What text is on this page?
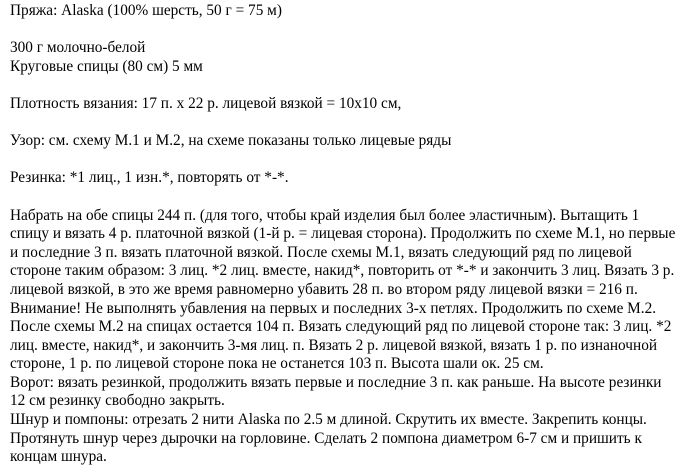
Пряжа: Alaska (100% шерсть, 50 г = 75 м)
300 г молочно-белой
Круговые спицы (80 см) 5 мм
Плотность вязания: 17 п. х 22 р. лицевой вязкой = 10х10 см,
Узор: см. схему М.1 и М.2, на схеме показаны только лицевые ряды
Резинка: *1 лиц., 1 изн.*, повторять от *-*.
Набрать на обе спицы 244 п. (для того, чтобы край изделия был более эластичным). Вытащить 1
спицу и вязать 4 р. платочной вязкой (1-й р. = лицевая сторона). Продолжить по схеме М.1, но первые
и последние 3 п. вязать платочной вязкой. После схемы М.1, вязать следующий ряд по лицевой
стороне таким образом: 3 лиц. *2 лиц. вместе, накид*, повторить от *-* и закончить 3 лиц. Вязать 3 р.
лицевой вязкой, в это же время равномерно убавить 28 п. во втором ряду лицевой вязки = 216 п.
Внимание! Не выполнять убавления на первых и последних 3-х петлях. Продолжить по схеме М.2.
После схемы М.2 на спицах остается 104 п. Вязать следующий ряд по лицевой стороне так: 3 лиц. *2
лиц. вместе, накид*, и закончить 3-мя лиц. п. Вязать 2 р. лицевой вязкой, вязать 1 р. по изнаночной
стороне, 1 р. по лицевой стороне пока не останется 103 п. Высота шали ок. 25 см.
Ворот: вязать резинкой, продолжить вязать первые и последние 3 п. как раньше. На высоте резинки
12 см резинку свободно закрыть.
Шнур и помпоны: отрезать 2 нити Alaska по 2.5 м длиной. Скрутить их вместе. Закрепить концы.
Протянуть шнур через дырочки на горловине. Сделать 2 помпона диаметром 6-7 см и пришить к
концам шнура.
